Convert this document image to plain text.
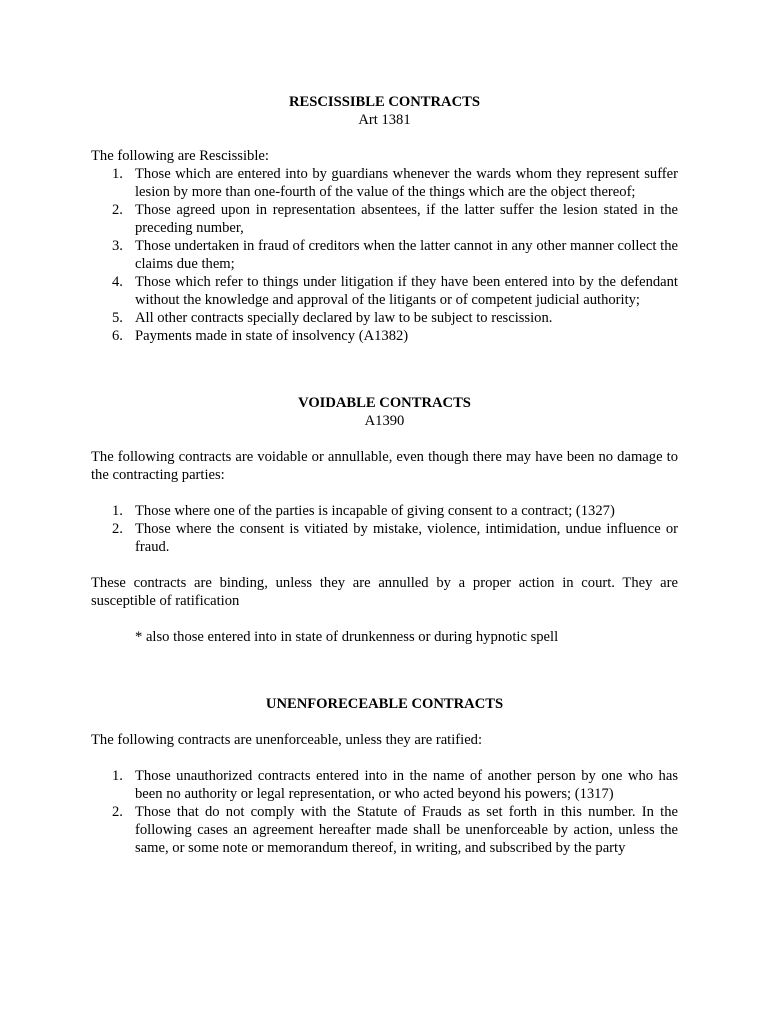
RESCISSIBLE CONTRACTS

Art 1381

The following are Rescissible:

1. Those which are entered into by guardians whenever the wards whom they represent suffer lesion by more than one-fourth of the value of the things which are the object thereof;
2. Those agreed upon in representation absentees, if the latter suffer the lesion stated in the preceding number,
3. Those undertaken in fraud of creditors when the latter cannot in any other manner collect the claims due them;
4. Those which refer to things under litigation if they have been entered into by the defendant without the knowledge and approval of the litigants or of competent judicial authority;
5. All other contracts specially declared by law to be subject to rescission.
6. Payments made in state of insolvency (A1382)

VOIDABLE CONTRACTS

A1390

The following contracts are voidable or annullable, even though there may have been no damage to the contracting parties:

1. Those where one of the parties is incapable of giving consent to a contract; (1327)
2. Those where the consent is vitiated by mistake, violence, intimidation, undue influence or fraud.

These contracts are binding, unless they are annulled by a proper action in court. They are susceptible of ratification

* also those entered into in state of drunkenness or during hypnotic spell

UNENFORECEABLE CONTRACTS

The following contracts are unenforceable, unless they are ratified:

1. Those unauthorized contracts entered into in the name of another person by one who has been no authority or legal representation, or who acted beyond his powers; (1317)
2. Those that do not comply with the Statute of Frauds as set forth in this number. In the following cases an agreement hereafter made shall be unenforceable by action, unless the same, or some note or memorandum thereof, in writing, and subscribed by the party
